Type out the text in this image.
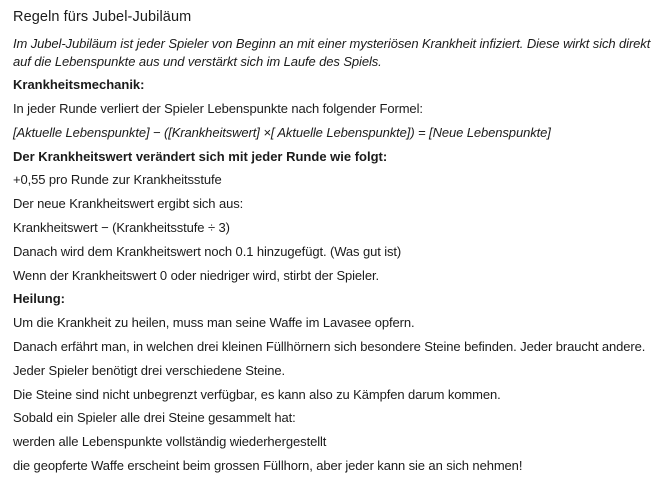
Regeln fürs Jubel-Jubiläum

Im Jubel-Jubiläum ist jeder Spieler von Beginn an mit einer mysteriösen Krankheit infiziert. Diese wirkt sich direkt auf die Lebenspunkte aus und verstärkt sich im Laufe des Spiels.

Krankheitsmechanik:

In jeder Runde verliert der Spieler Lebenspunkte nach folgender Formel:

[Aktuelle Lebenspunkte] − ([Krankheitswert] ×[ Aktuelle Lebenspunkte]) = [Neue Lebenspunkte]

Der Krankheitswert verändert sich mit jeder Runde wie folgt:

+0,55 pro Runde zur Krankheitsstufe

Der neue Krankheitswert ergibt sich aus:

Krankheitswert − (Krankheitsstufe ÷ 3)

Danach wird dem Krankheitswert noch 0.1 hinzugefügt. (Was gut ist)

Wenn der Krankheitswert 0 oder niedriger wird, stirbt der Spieler.

Heilung:

Um die Krankheit zu heilen, muss man seine Waffe im Lavasee opfern.

Danach erfährt man, in welchen drei kleinen Füllhörnern sich besondere Steine befinden. Jeder braucht andere.

Jeder Spieler benötigt drei verschiedene Steine.

Die Steine sind nicht unbegrenzt verfügbar, es kann also zu Kämpfen darum kommen.

Sobald ein Spieler alle drei Steine gesammelt hat:

werden alle Lebenspunkte vollständig wiederhergestellt

die geopferte Waffe erscheint beim grossen Füllhorn, aber jeder kann sie an sich nehmen!
